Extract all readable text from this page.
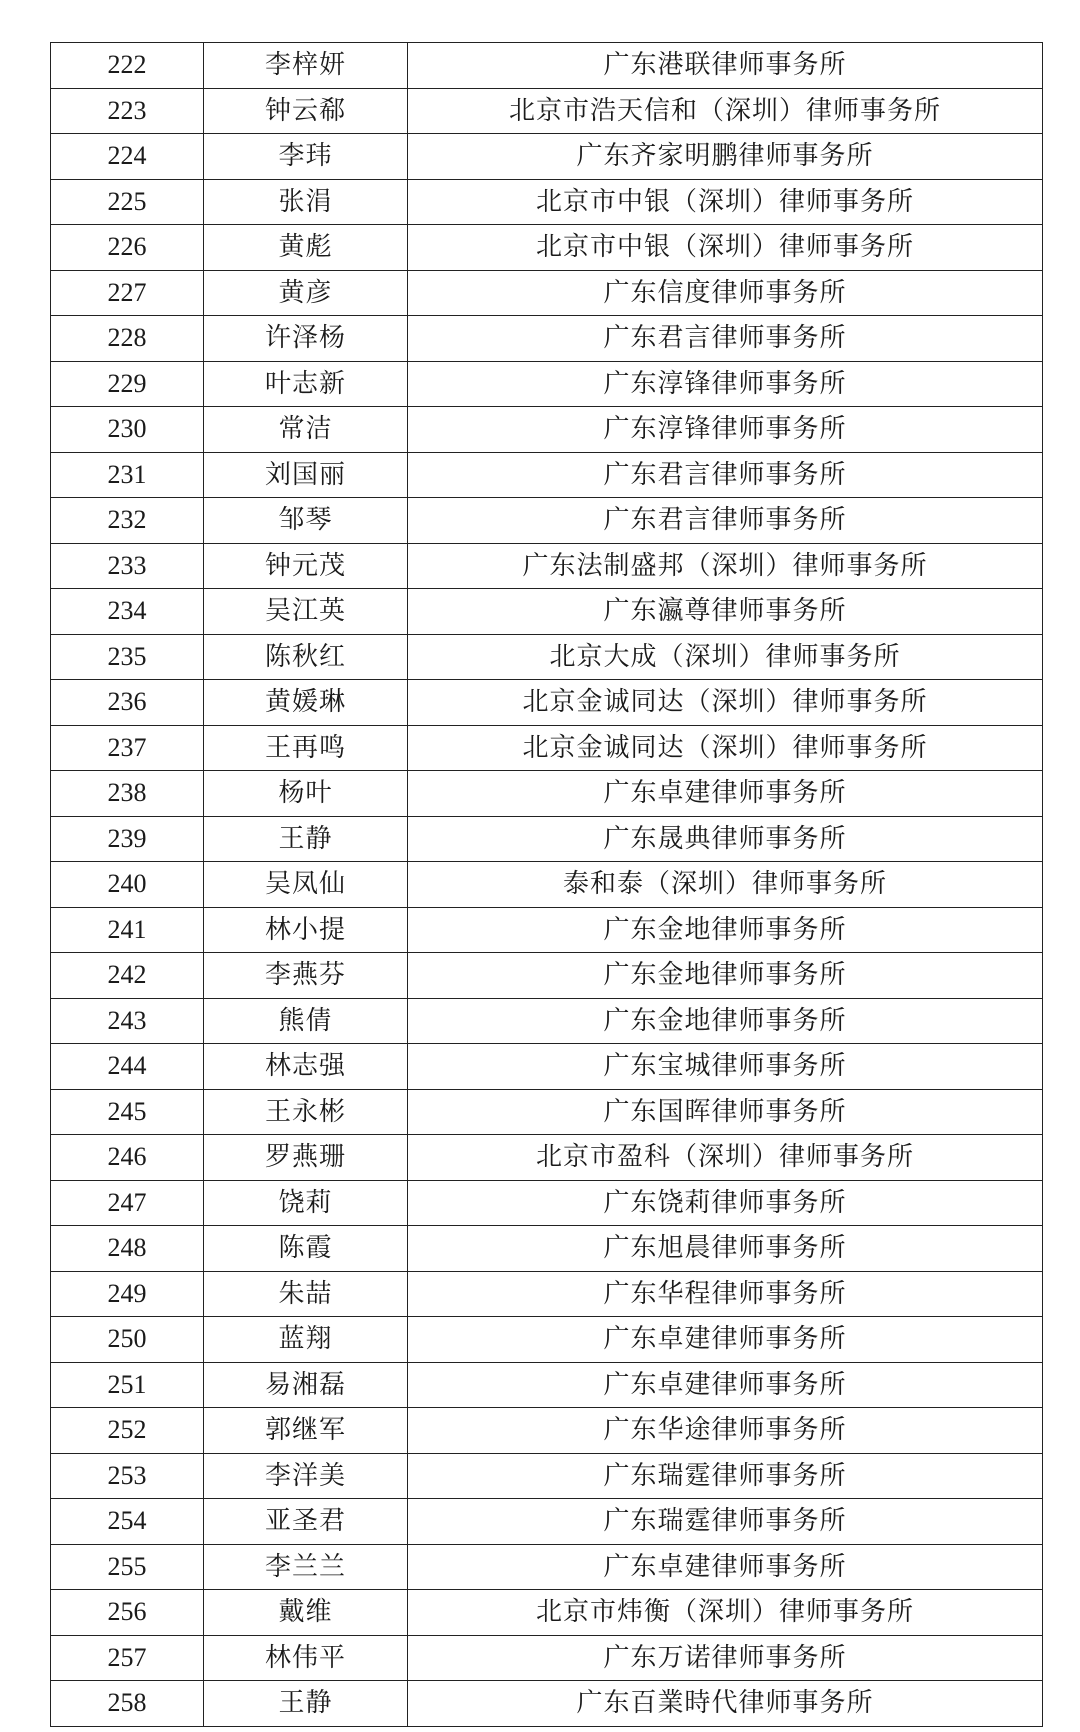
222	李梓妍	广东港联律师事务所
223	钟云郗	北京市浩天信和（深圳）律师事务所
224	李玮	广东齐家明鹏律师事务所
225	张涓	北京市中银（深圳）律师事务所
226	黄彪	北京市中银（深圳）律师事务所
227	黄彦	广东信度律师事务所
228	许泽杨	广东君言律师事务所
229	叶志新	广东淳锋律师事务所
230	常洁	广东淳锋律师事务所
231	刘国丽	广东君言律师事务所
232	邹琴	广东君言律师事务所
233	钟元茂	广东法制盛邦（深圳）律师事务所
234	吴江英	广东瀛尊律师事务所
235	陈秋红	北京大成（深圳）律师事务所
236	黄媛琳	北京金诚同达（深圳）律师事务所
237	王再鸣	北京金诚同达（深圳）律师事务所
238	杨叶	广东卓建律师事务所
239	王静	广东晟典律师事务所
240	吴凤仙	泰和泰（深圳）律师事务所
241	林小提	广东金地律师事务所
242	李燕芬	广东金地律师事务所
243	熊倩	广东金地律师事务所
244	林志强	广东宝城律师事务所
245	王永彬	广东国晖律师事务所
246	罗燕珊	北京市盈科（深圳）律师事务所
247	饶莉	广东饶莉律师事务所
248	陈霞	广东旭晨律师事务所
249	朱喆	广东华程律师事务所
250	蓝翔	广东卓建律师事务所
251	易湘磊	广东卓建律师事务所
252	郭继军	广东华途律师事务所
253	李洋美	广东瑞霆律师事务所
254	亚圣君	广东瑞霆律师事务所
255	李兰兰	广东卓建律师事务所
256	戴维	北京市炜衡（深圳）律师事务所
257	林伟平	广东万诺律师事务所
258	王静	广东百業時代律师事务所
